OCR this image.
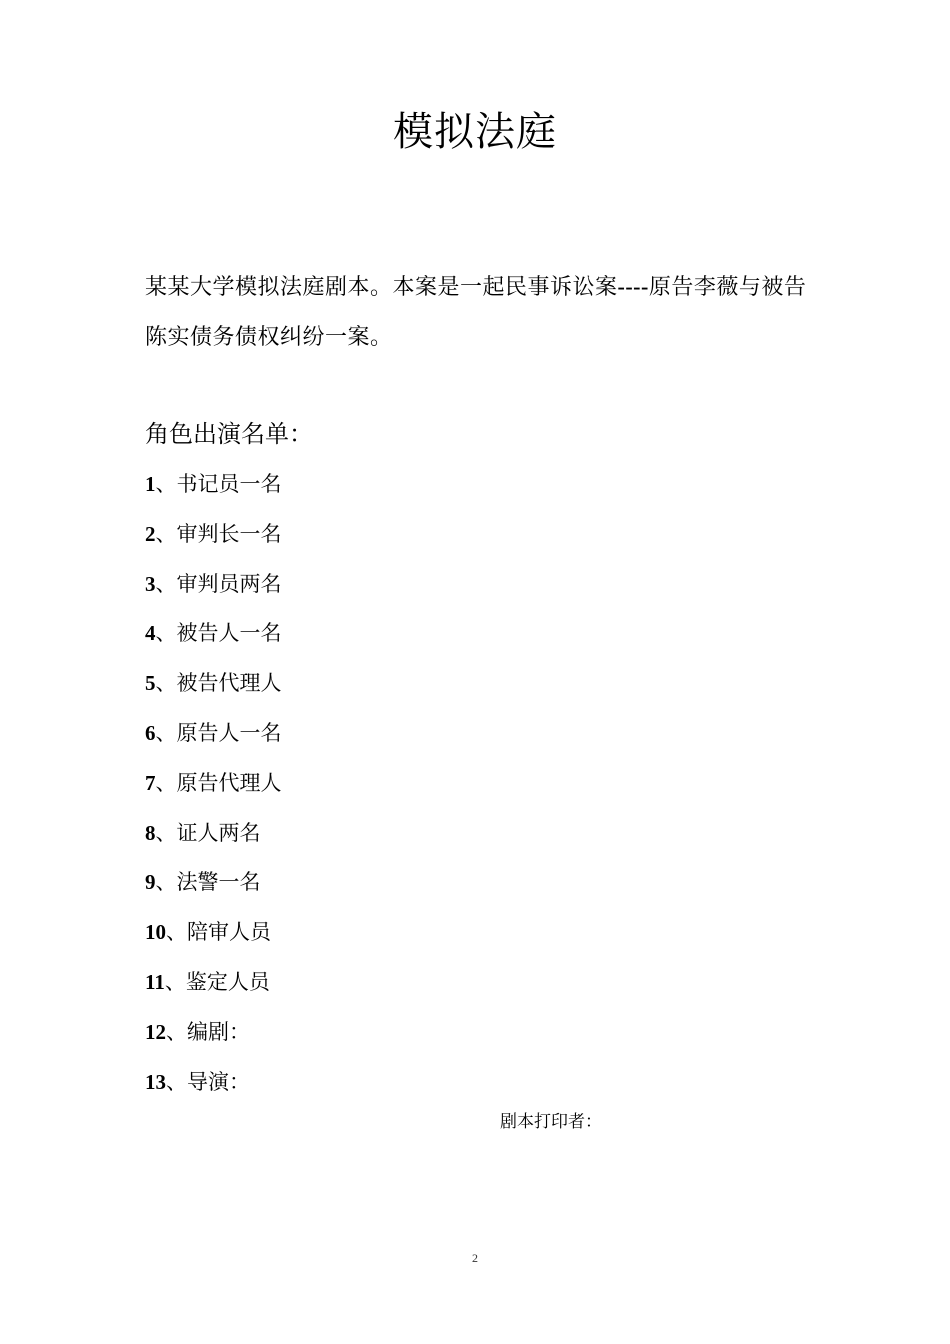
模拟法庭
某某大学模拟法庭剧本。本案是一起民事诉讼案----原告李薇与被告陈实债务债权纠纷一案。
角色出演名单：
1、书记员一名
2、审判长一名
3、审判员两名
4、被告人一名
5、被告代理人
6、原告人一名
7、原告代理人
8、证人两名
9、法警一名
10、陪审人员
11、鉴定人员
12、编剧：
13、导演：
剧本打印者：
2
